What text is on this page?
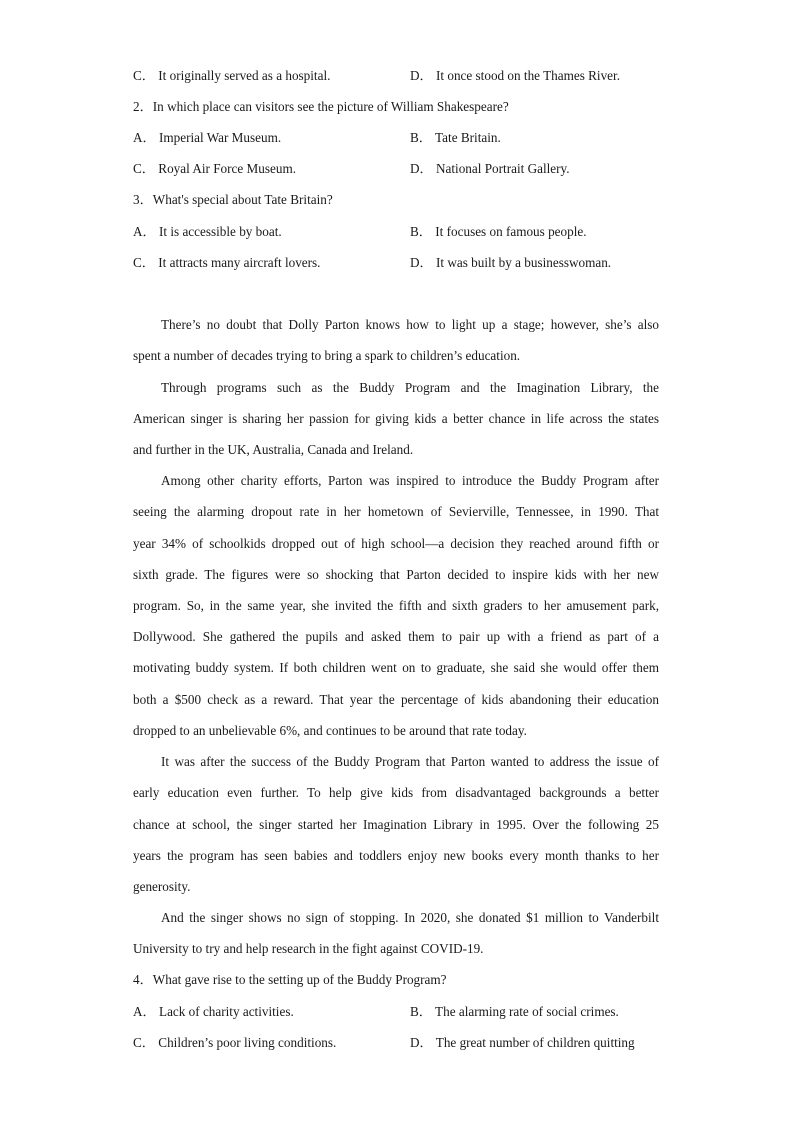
C． It originally served as a hospital.	D． It once stood on the Thames River.
2．In which place can visitors see the picture of William Shakespeare?
A． Imperial War Museum.	B． Tate Britain.
C． Royal Air Force Museum.	D． National Portrait Gallery.
3．What's special about Tate Britain?
A． It is accessible by boat.	B． It focuses on famous people.
C． It attracts many aircraft lovers.	D． It was built by a businesswoman.
There’s no doubt that Dolly Parton knows how to light up a stage; however, she’s also
spent a number of decades trying to bring a spark to children’s education.
Through programs such as the Buddy Program and the Imagination Library, the
American singer is sharing her passion for giving kids a better chance in life across the states
and further in the UK, Australia, Canada and Ireland.
Among other charity efforts, Parton was inspired to introduce the Buddy Program after
seeing the alarming dropout rate in her hometown of Sevierville, Tennessee, in 1990. That
year 34% of schoolkids dropped out of high school—a decision they reached around fifth or
sixth grade. The figures were so shocking that Parton decided to inspire kids with her new
program. So, in the same year, she invited the fifth and sixth graders to her amusement park,
Dollywood. She gathered the pupils and asked them to pair up with a friend as part of a
motivating buddy system. If both children went on to graduate, she said she would offer them
both a $500 check as a reward. That year the percentage of kids abandoning their education
dropped to an unbelievable 6%, and continues to be around that rate today.
It was after the success of the Buddy Program that Parton wanted to address the issue of
early education even further. To help give kids from disadvantaged backgrounds a better
chance at school, the singer started her Imagination Library in 1995. Over the following 25
years the program has seen babies and toddlers enjoy new books every month thanks to her
generosity.
And the singer shows no sign of stopping. In 2020, she donated $1 million to Vanderbilt
University to try and help research in the fight against COVID-19.
4．What gave rise to the setting up of the Buddy Program?
A． Lack of charity activities.	B． The alarming rate of social crimes.
C． Children’s poor living conditions.	D． The great number of children quitting
